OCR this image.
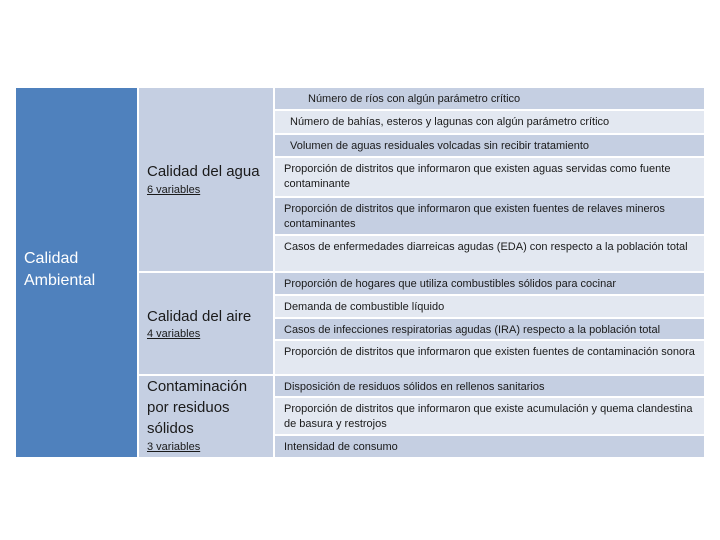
Calidad Ambiental
Calidad del agua
6 variables
Calidad del aire
4 variables
Contaminación por residuos sólidos
3 variables
Número de ríos con algún parámetro crítico
Número de bahías, esteros y lagunas con algún parámetro crítico
Volumen de aguas residuales volcadas sin recibir tratamiento
Proporción de distritos que informaron que existen aguas servidas como fuente contaminante
Proporción de distritos que informaron que existen fuentes de relaves mineros contaminantes
Casos de enfermedades diarreicas agudas (EDA) con respecto a la población total
Proporción de hogares que utiliza combustibles sólidos para cocinar
Demanda de combustible líquido
Casos de infecciones respiratorias agudas (IRA) respecto a la población total
Proporción de distritos que informaron que existen fuentes de contaminación sonora
Disposición de residuos sólidos en rellenos sanitarios
Proporción de distritos que informaron que existe acumulación y quema clandestina de basura y restrojos
Intensidad de consumo
